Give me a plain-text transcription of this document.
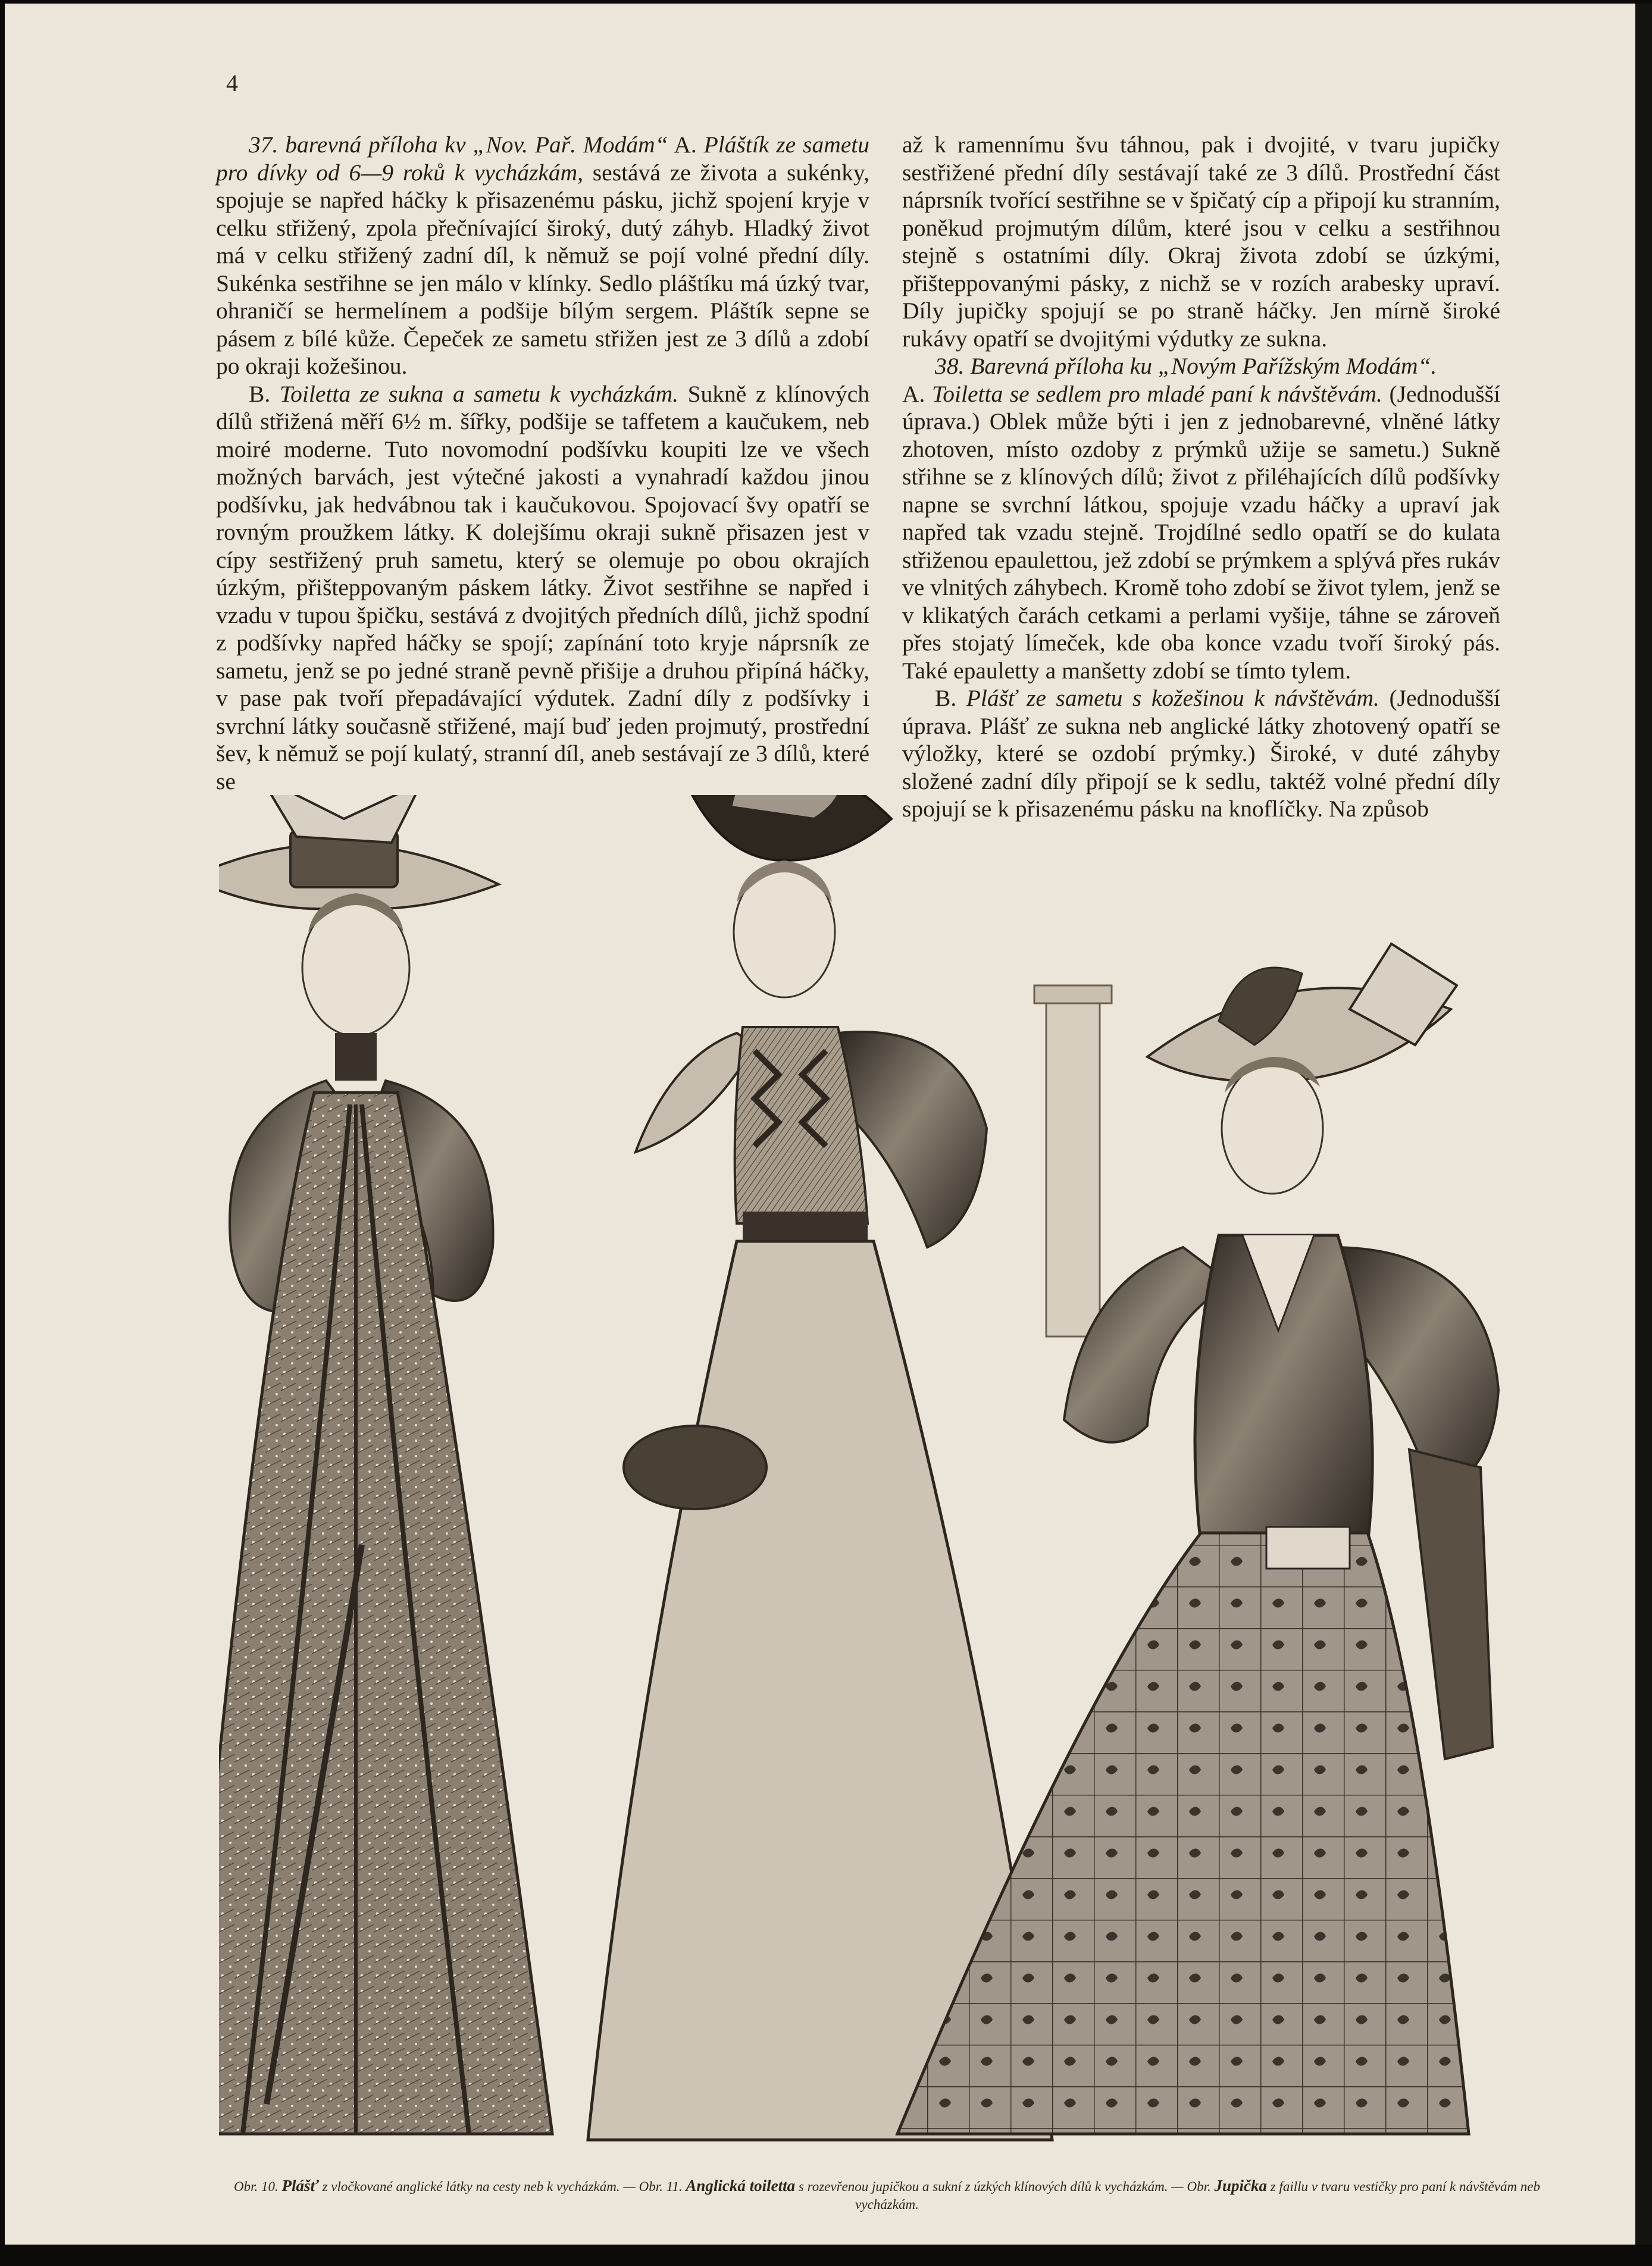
4

37. barevná příloha kv „Nov. Pař. Modám“ A. Pláštík ze sametu pro dívky od 6—9 roků k vycházkám, sestává ze života a sukénky, spojuje se napřed háčky k přisazenému pásku, jichž spojení kryje v celku střižený, zpola přečnívající široký, dutý záhyb. Hladký život má v celku střižený zadní díl, k němuž se pojí volné přední díly. Sukénka sestřihne se jen málo v klínky. Sedlo pláštíku má úzký tvar, ohraničí se hermelínem a podšije bílým sergem. Pláštík sepne se pásem z bílé kůže. Čepeček ze sametu střižen jest ze 3 dílů a zdobí po okraji kožešinou.

B. Toiletta ze sukna a sametu k vycházkám. Sukně z klínových dílů střižená měří 6½ m. šířky, podšije se taffetem a kaučukem, neb moiré moderne. Tuto novomodní podšívku koupiti lze ve všech možných barvách, jest výtečné jakosti a vynahradí každou jinou podšívku, jak hedvábnou tak i kaučukovou. Spojovací švy opatří se rovným proužkem látky. K dolejšímu okraji sukně přisazen jest v cípy sestřižený pruh sametu, který se olemuje po obou okrajích úzkým, přišteppovaným páskem látky. Život sestřihne se napřed i vzadu v tupou špičku, sestává z dvojitých předních dílů, jichž spodní z podšívky napřed háčky se spojí; zapínání toto kryje náprsník ze sametu, jenž se po jedné straně pevně přišije a druhou připíná háčky, v pase pak tvoří přepadávající výdutek. Zadní díly z podšívky i svrchní látky současně střižené, mají buď jeden projmutý, prostřední šev, k němuž se pojí kulatý, stranní díl, aneb sestávají ze 3 dílů, které se

až k ramennímu švu táhnou, pak i dvojité, v tvaru jupičky sestřižené přední díly sestávají také ze 3 dílů. Prostřední část náprsník tvořící sestřihne se v špičatý cíp a připojí ku stranním, poněkud projmutým dílům, které jsou v celku a sestřihnou stejně s ostatními díly. Okraj života zdobí se úzkými, přišteppovanými pásky, z nichž se v rozích arabesky upraví. Díly jupičky spojují se po straně háčky. Jen mírně široké rukávy opatří se dvojitými výdutky ze sukna.

38. Barevná příloha ku „Novým Pařížským Modám“.

A. Toiletta se sedlem pro mladé paní k návštěvám. (Jednodušší úprava.) Oblek může býti i jen z jednobarevné, vlněné látky zhotoven, místo ozdoby z prýmků užije se sametu.) Sukně střihne se z klínových dílů; život z přiléhajících dílů podšívky napne se svrchní látkou, spojuje vzadu háčky a upraví jak napřed tak vzadu stejně. Trojdílné sedlo opatří se do kulata střiženou epaulettou, jež zdobí se prýmkem a splývá přes rukáv ve vlnitých záhybech. Kromě toho zdobí se život tylem, jenž se v klikatých čarách cetkami a perlami vyšije, táhne se zároveň přes stojatý límeček, kde oba konce vzadu tvoří široký pás. Také epauletty a manšetty zdobí se tímto tylem.

B. Plášť ze sametu s kožešinou k návštěvám. (Jednodušší úprava. Plášť ze sukna neb anglické látky zhotovený opatří se výložky, které se ozdobí prýmky.) Široké, v duté záhyby složené zadní díly připojí se k sedlu, taktéž volné přední díly spojují se k přisazenému pásku na knoflíčky. Na způsob

Obr. 10. Plášť z vločkované anglické látky na cesty neb k vycházkám. — Obr. 11. Anglická toiletta s rozevřenou jupičkou a sukní z úzkých klínových dílů k vycházkám. — Obr. Jupička z faillu v tvaru vestičky pro paní k návštěvám neb vycházkám.
